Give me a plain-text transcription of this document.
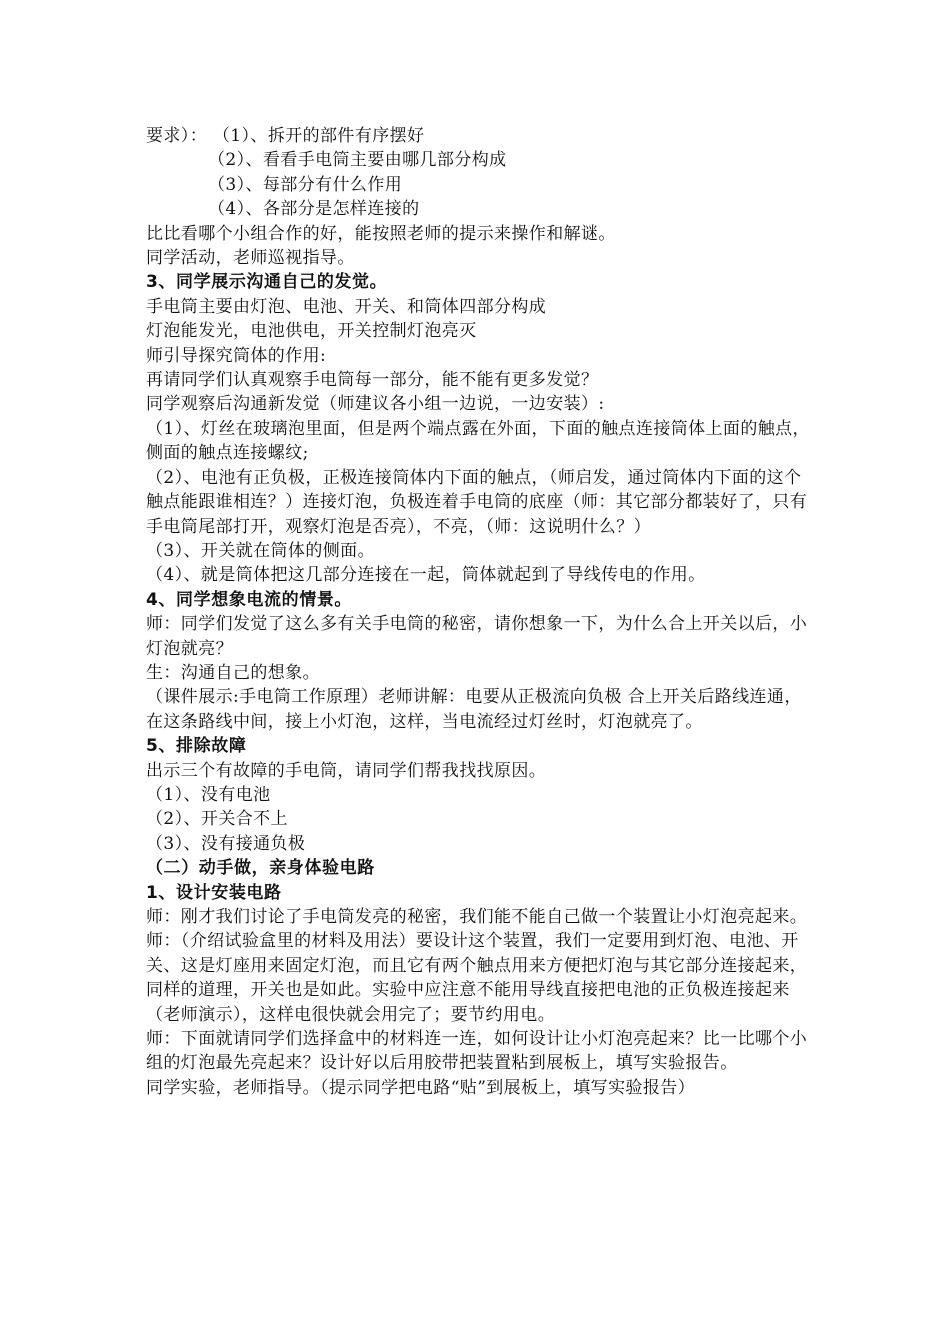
要求）： （1）、拆开的部件有序摆好

（2）、看看手电筒主要由哪几部分构成

（3）、每部分有什么作用

（4）、各部分是怎样连接的

比比看哪个小组合作的好，能按照老师的提示来操作和解谜。

同学活动，老师巡视指导。

3、同学展示沟通自己的发觉。

手电筒主要由灯泡、电池、开关、和筒体四部分构成

灯泡能发光，电池供电，开关控制灯泡亮灭

师引导探究筒体的作用:

再请同学们认真观察手电筒每一部分，能不能有更多发觉？

同学观察后沟通新发觉（师建议各小组一边说，一边安装）:

（1）、灯丝在玻璃泡里面，但是两个端点露在外面，下面的触点连接筒体上面的触点，侧面的触点连接螺纹;

（2）、电池有正负极，正极连接筒体内下面的触点，（师启发，通过筒体内下面的这个触点能跟谁相连？）连接灯泡，负极连着手电筒的底座（师：其它部分都装好了，只有手电筒尾部打开，观察灯泡是否亮），不亮，（师：这说明什么？）

（3）、开关就在筒体的侧面。

（4）、就是筒体把这几部分连接在一起，筒体就起到了导线传电的作用。

4、同学想象电流的情景。

师：同学们发觉了这么多有关手电筒的秘密，请你想象一下，为什么合上开关以后，小灯泡就亮？

生：沟通自己的想象。

（课件展示:手电筒工作原理）老师讲解：电要从正极流向负极 合上开关后路线连通，在这条路线中间，接上小灯泡，这样，当电流经过灯丝时，灯泡就亮了。

5、排除故障

出示三个有故障的手电筒，请同学们帮我找找原因。

（1）、没有电池

（2）、开关合不上

（3）、没有接通负极

（二）动手做，亲身体验电路

1、设计安装电路

师：刚才我们讨论了手电筒发亮的秘密，我们能不能自己做一个装置让小灯泡亮起来。

师：（介绍试验盒里的材料及用法）要设计这个装置，我们一定要用到灯泡、电池、开关、这是灯座用来固定灯泡，而且它有两个触点用来方便把灯泡与其它部分连接起来，同样的道理，开关也是如此。实验中应注意不能用导线直接把电池的正负极连接起来（老师演示），这样电很快就会用完了；要节约用电。

师：下面就请同学们选择盒中的材料连一连，如何设计让小灯泡亮起来？比一比哪个小组的灯泡最先亮起来？设计好以后用胶带把装置粘到展板上，填写实验报告。

同学实验，老师指导。（提示同学把电路“贴”到展板上，填写实验报告）
